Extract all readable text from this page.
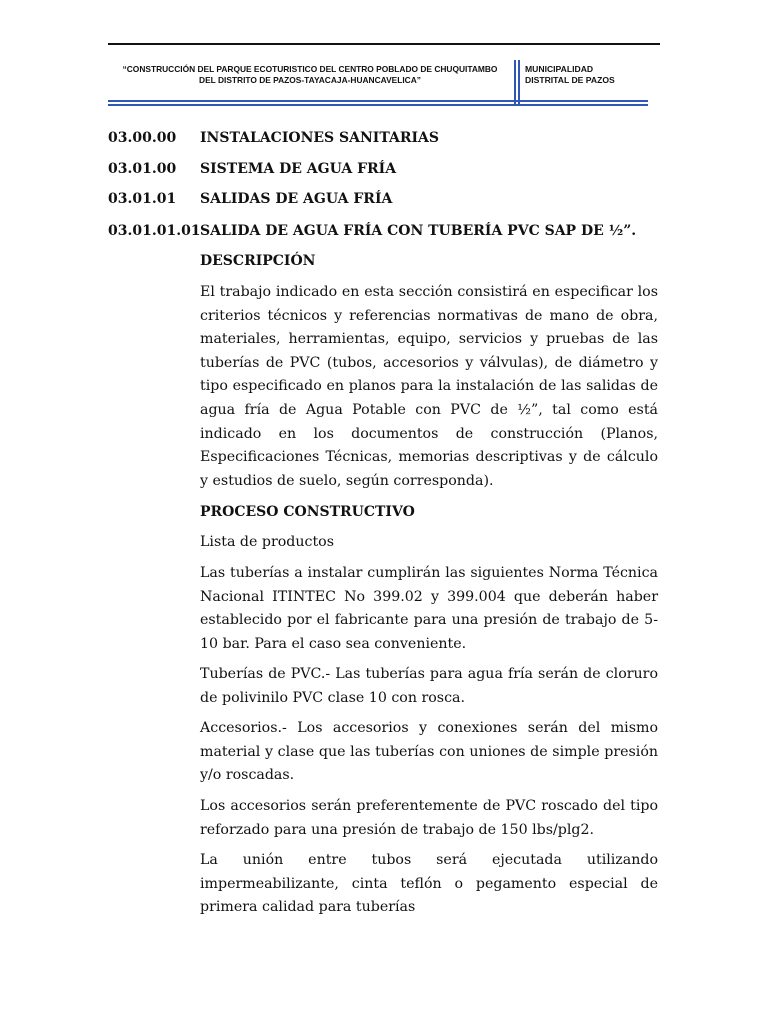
“CONSTRUCCIÓN DEL PARQUE ECOTURISTICO DEL CENTRO POBLADO DE CHUQUITAMBO
DEL DISTRITO DE PAZOS-TAYACAJA-HUANCAVELICA”
MUNICIPALIDAD
DISTRITAL DE PAZOS
03.00.00 INSTALACIONES SANITARIAS
03.01.00 SISTEMA DE AGUA FRÍA
03.01.01 SALIDAS DE AGUA FRÍA
03.01.01.01SALIDA DE AGUA FRÍA CON TUBERÍA PVC SAP DE ½”.
DESCRIPCIÓN

El trabajo indicado en esta sección consistirá en especificar los criterios técnicos y referencias normativas de mano de obra, materiales, herramientas, equipo, servicios y pruebas de las tuberías de PVC (tubos, accesorios y válvulas), de diámetro y tipo especificado en planos para la instalación de las salidas de agua fría de Agua Potable con PVC de ½”, tal como está indicado en los documentos de construcción (Planos, Especificaciones Técnicas, memorias descriptivas y de cálculo y estudios de suelo, según corresponda).

PROCESO CONSTRUCTIVO

Lista de productos

Las tuberías a instalar cumplirán las siguientes Norma Técnica Nacional ITINTEC No 399.02 y 399.004 que deberán haber establecido por el fabricante para una presión de trabajo de 5-10 bar. Para el caso sea conveniente.

Tuberías de PVC.- Las tuberías para agua fría serán de cloruro de polivinilo PVC clase 10 con rosca.

Accesorios.- Los accesorios y conexiones serán del mismo material y clase que las tuberías con uniones de simple presión y/o roscadas.

Los accesorios serán preferentemente de PVC roscado del tipo reforzado para una presión de trabajo de 150 lbs/plg2.

La unión entre tubos será ejecutada utilizando impermeabilizante, cinta teflón o pegamento especial de primera calidad para tuberías
